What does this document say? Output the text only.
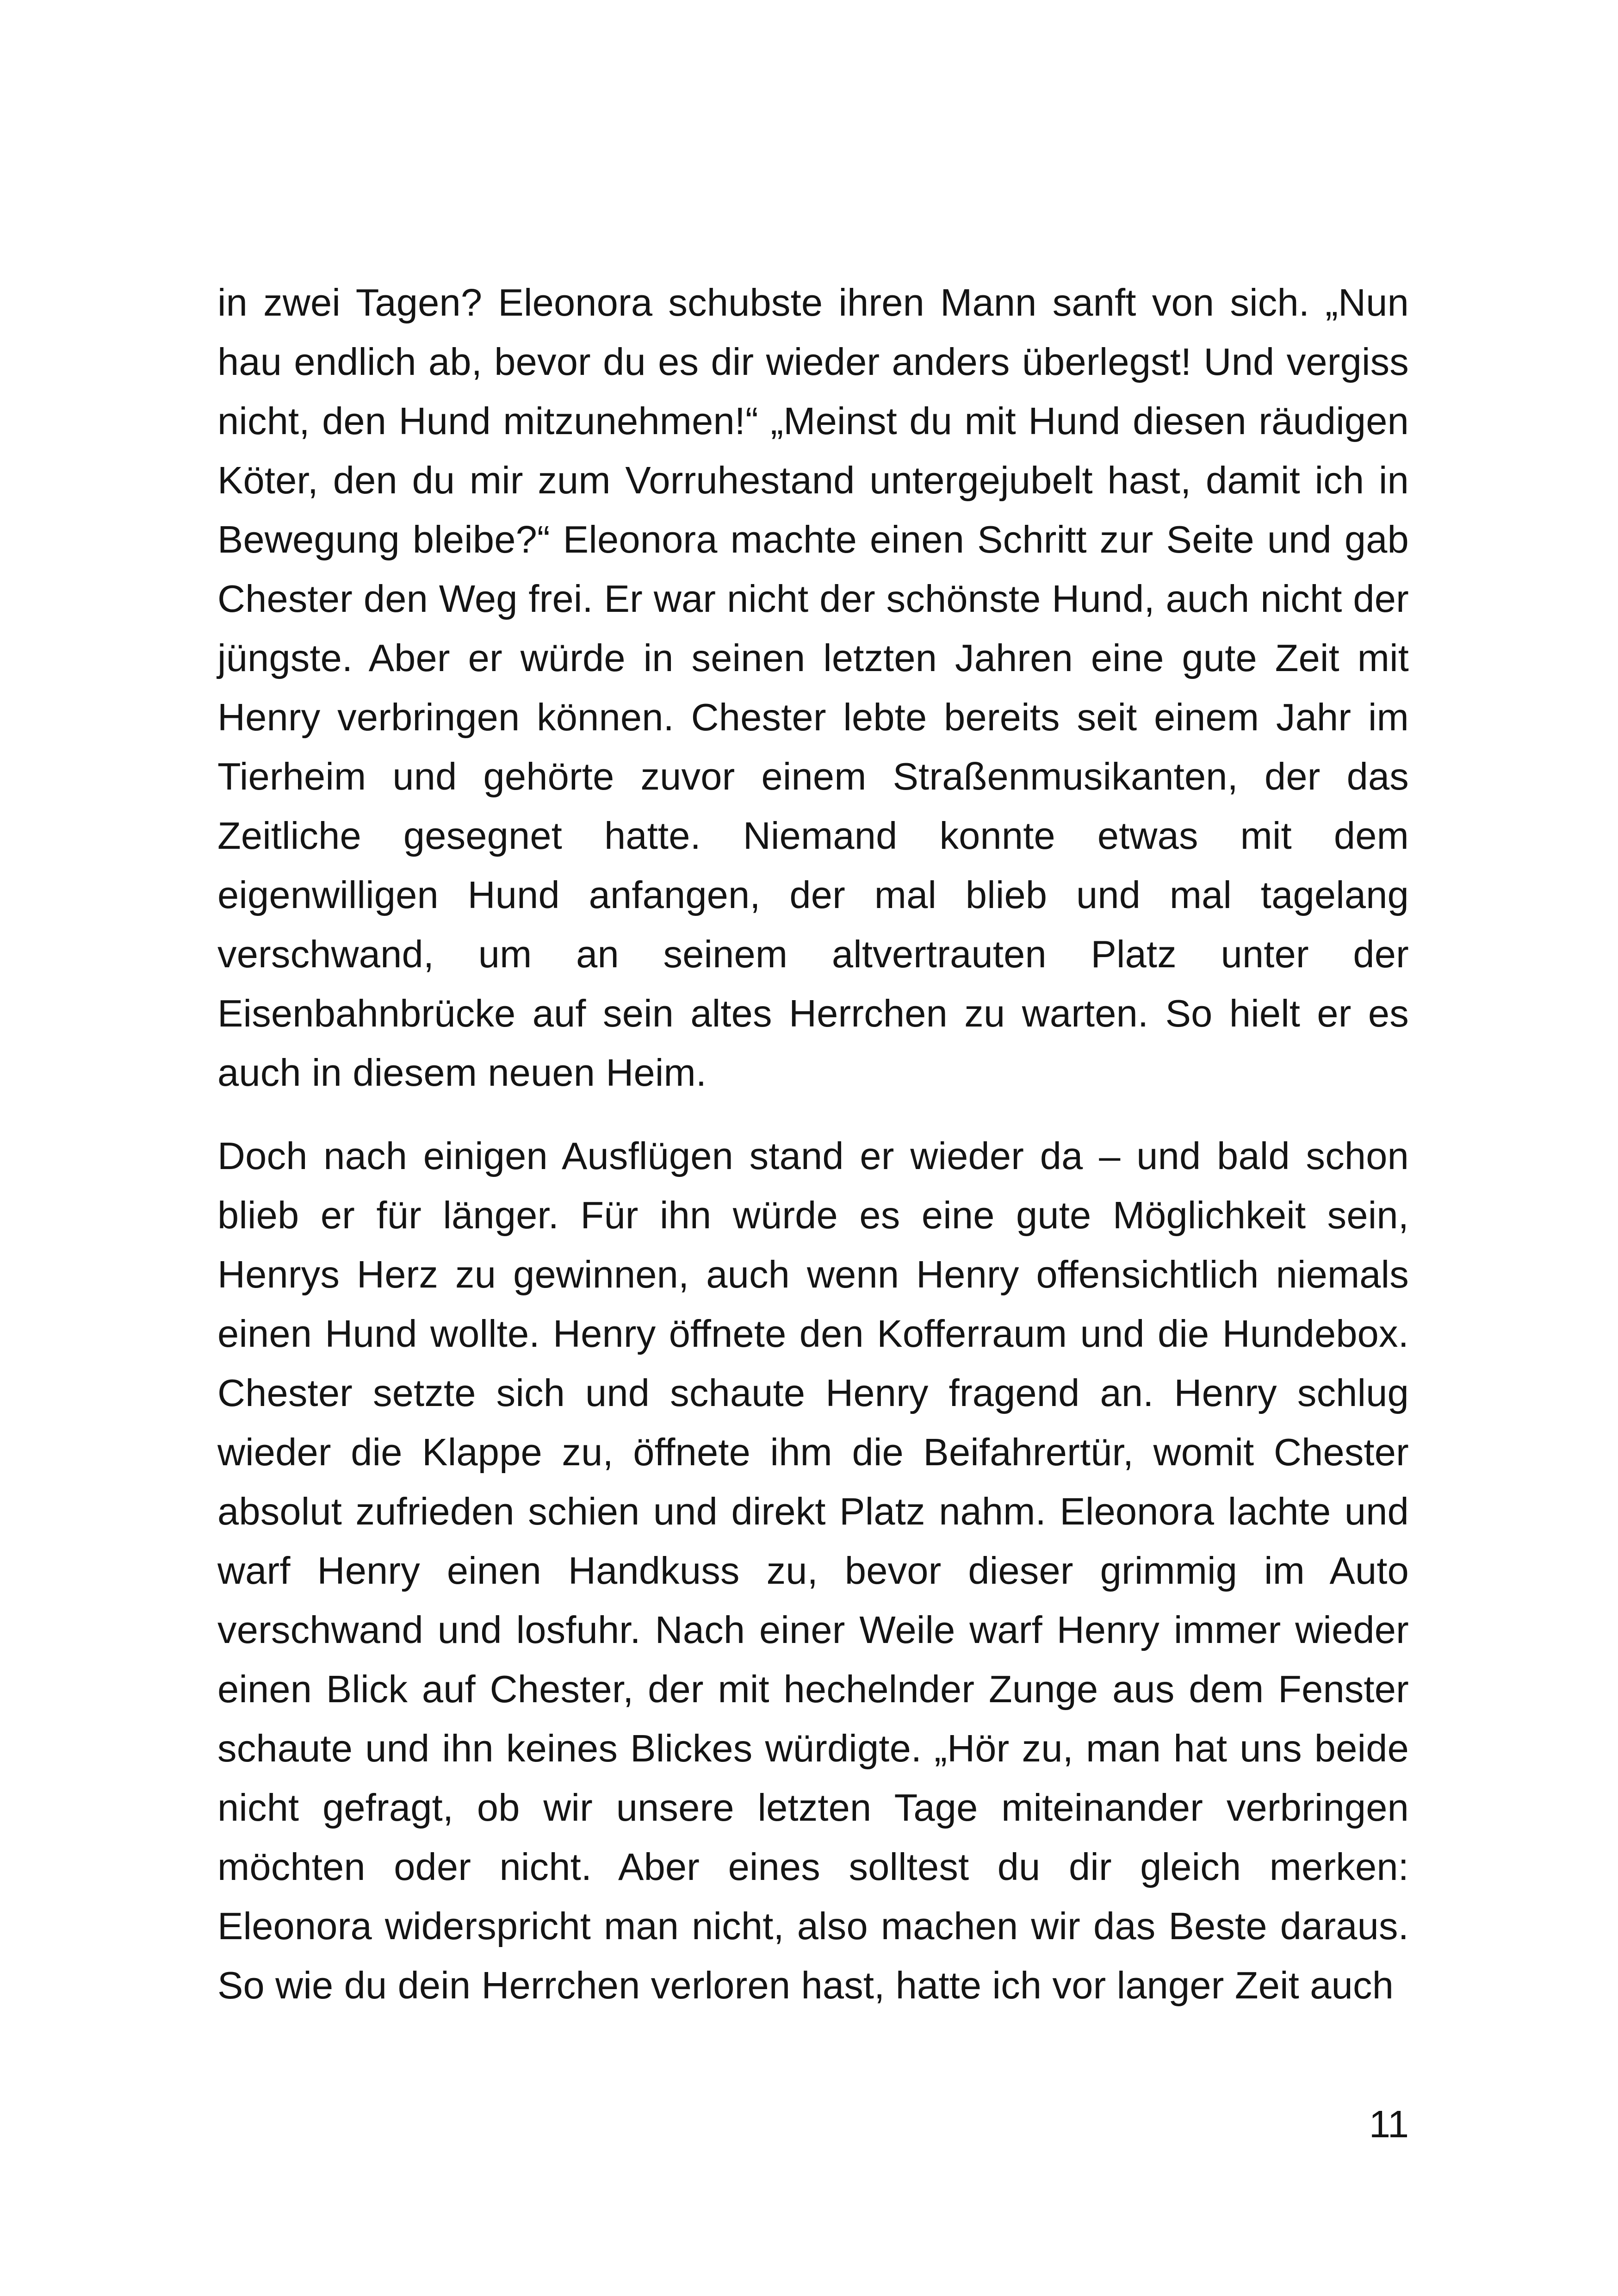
in zwei Tagen? Eleonora schubste ihren Mann sanft von sich. „Nun hau endlich ab, bevor du es dir wieder anders überlegst! Und vergiss nicht, den Hund mitzunehmen!“ „Meinst du mit Hund diesen räudigen Köter, den du mir zum Vorruhestand untergejubelt hast, damit ich in Bewegung bleibe?“ Eleonora machte einen Schritt zur Seite und gab Chester den Weg frei. Er war nicht der schönste Hund, auch nicht der jüngste. Aber er würde in seinen letzten Jahren eine gute Zeit mit Henry verbringen können. Chester lebte bereits seit einem Jahr im Tierheim und gehörte zuvor einem Straßenmusikanten, der das Zeitliche gesegnet hatte. Niemand konnte etwas mit dem eigenwilligen Hund anfangen, der mal blieb und mal tagelang verschwand, um an seinem altvertrauten Platz unter der Eisenbahnbrücke auf sein altes Herrchen zu warten. So hielt er es auch in diesem neuen Heim.

Doch nach einigen Ausflügen stand er wieder da – und bald schon blieb er für länger. Für ihn würde es eine gute Möglichkeit sein, Henrys Herz zu gewinnen, auch wenn Henry offensichtlich niemals einen Hund wollte. Henry öffnete den Kofferraum und die Hundebox. Chester setzte sich und schaute Henry fragend an. Henry schlug wieder die Klappe zu, öffnete ihm die Beifahrertür, womit Chester absolut zufrieden schien und direkt Platz nahm. Eleonora lachte und warf Henry einen Handkuss zu, bevor dieser grimmig im Auto verschwand und losfuhr. Nach einer Weile warf Henry immer wieder einen Blick auf Chester, der mit hechelnder Zunge aus dem Fenster schaute und ihn keines Blickes würdigte. „Hör zu, man hat uns beide nicht gefragt, ob wir unsere letzten Tage miteinander verbringen möchten oder nicht. Aber eines solltest du dir gleich merken: Eleonora widerspricht man nicht, also machen wir das Beste daraus. So wie du dein Herrchen verloren hast, hatte ich vor langer Zeit auch

11
